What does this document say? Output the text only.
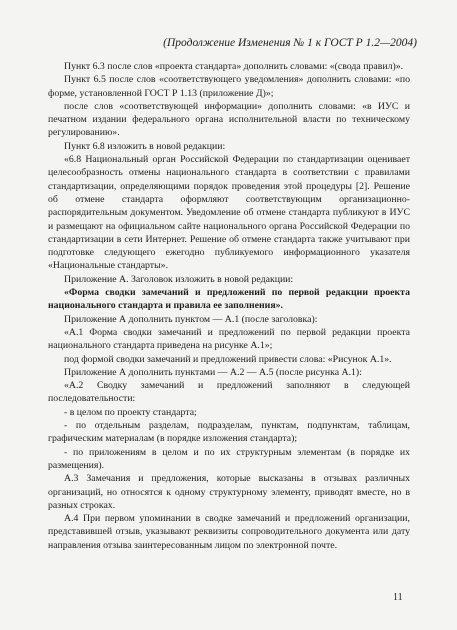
(Продолжение Изменения № 1 к ГОСТ Р 1.2—2004)

Пункт 6.3 после слов «проекта стандарта» дополнить словами: «(свода правил)».

Пункт 6.5 после слов «соответствующего уведомления» дополнить словами: «по форме, установленной ГОСТ Р 1.13 (приложение Д)»;

после слов «соответствующей информации» дополнить словами: «в ИУС и печатном издании федерального органа исполнительной власти по техническому регулированию».

Пункт 6.8 изложить в новой редакции:

«6.8 Национальный орган Российской Федерации по стандартизации оценивает целесообразность отмены национального стандарта в соответствии с правилами стандартизации, определяющими порядок проведения этой процедуры [2]. Решение об отмене стандарта оформляют соответствующим организационно-распорядительным документом. Уведомление об отмене стандарта публикуют в ИУС и размещают на официальном сайте национального органа Российской Федерации по стандартизации в сети Интернет. Решение об отмене стандарта также учитывают при подготовке следующего ежегодно публикуемого информационного указателя «Национальные стандарты».

Приложение А. Заголовок изложить в новой редакции:

«Форма сводки замечаний и предложений по первой редакции проекта национального стандарта и правила ее заполнения».

Приложение А дополнить пунктом — А.1 (после заголовка):

«А.1 Форма сводки замечаний и предложений по первой редакции проекта национального стандарта приведена на рисунке А.1»;

под формой сводки замечаний и предложений привести слова: «Рисунок А.1».

Приложение А дополнить пунктами — А.2 — А.5 (после рисунка А.1):

«А.2 Сводку замечаний и предложений заполняют в следующей последовательности:

- в целом по проекту стандарта;

- по отдельным разделам, подразделам, пунктам, подпунктам, таблицам, графическим материалам (в порядке изложения стандарта);

- по приложениям в целом и по их структурным элементам (в порядке их размещения).

А.3 Замечания и предложения, которые высказаны в отзывах различных организаций, но относятся к одному структурному элементу, приводят вместе, но в разных строках.

А.4 При первом упоминании в сводке замечаний и предложений организации, представившей отзыв, указывают реквизиты сопроводительного документа или дату направления отзыва заинтересованным лицом по электронной почте.

11
